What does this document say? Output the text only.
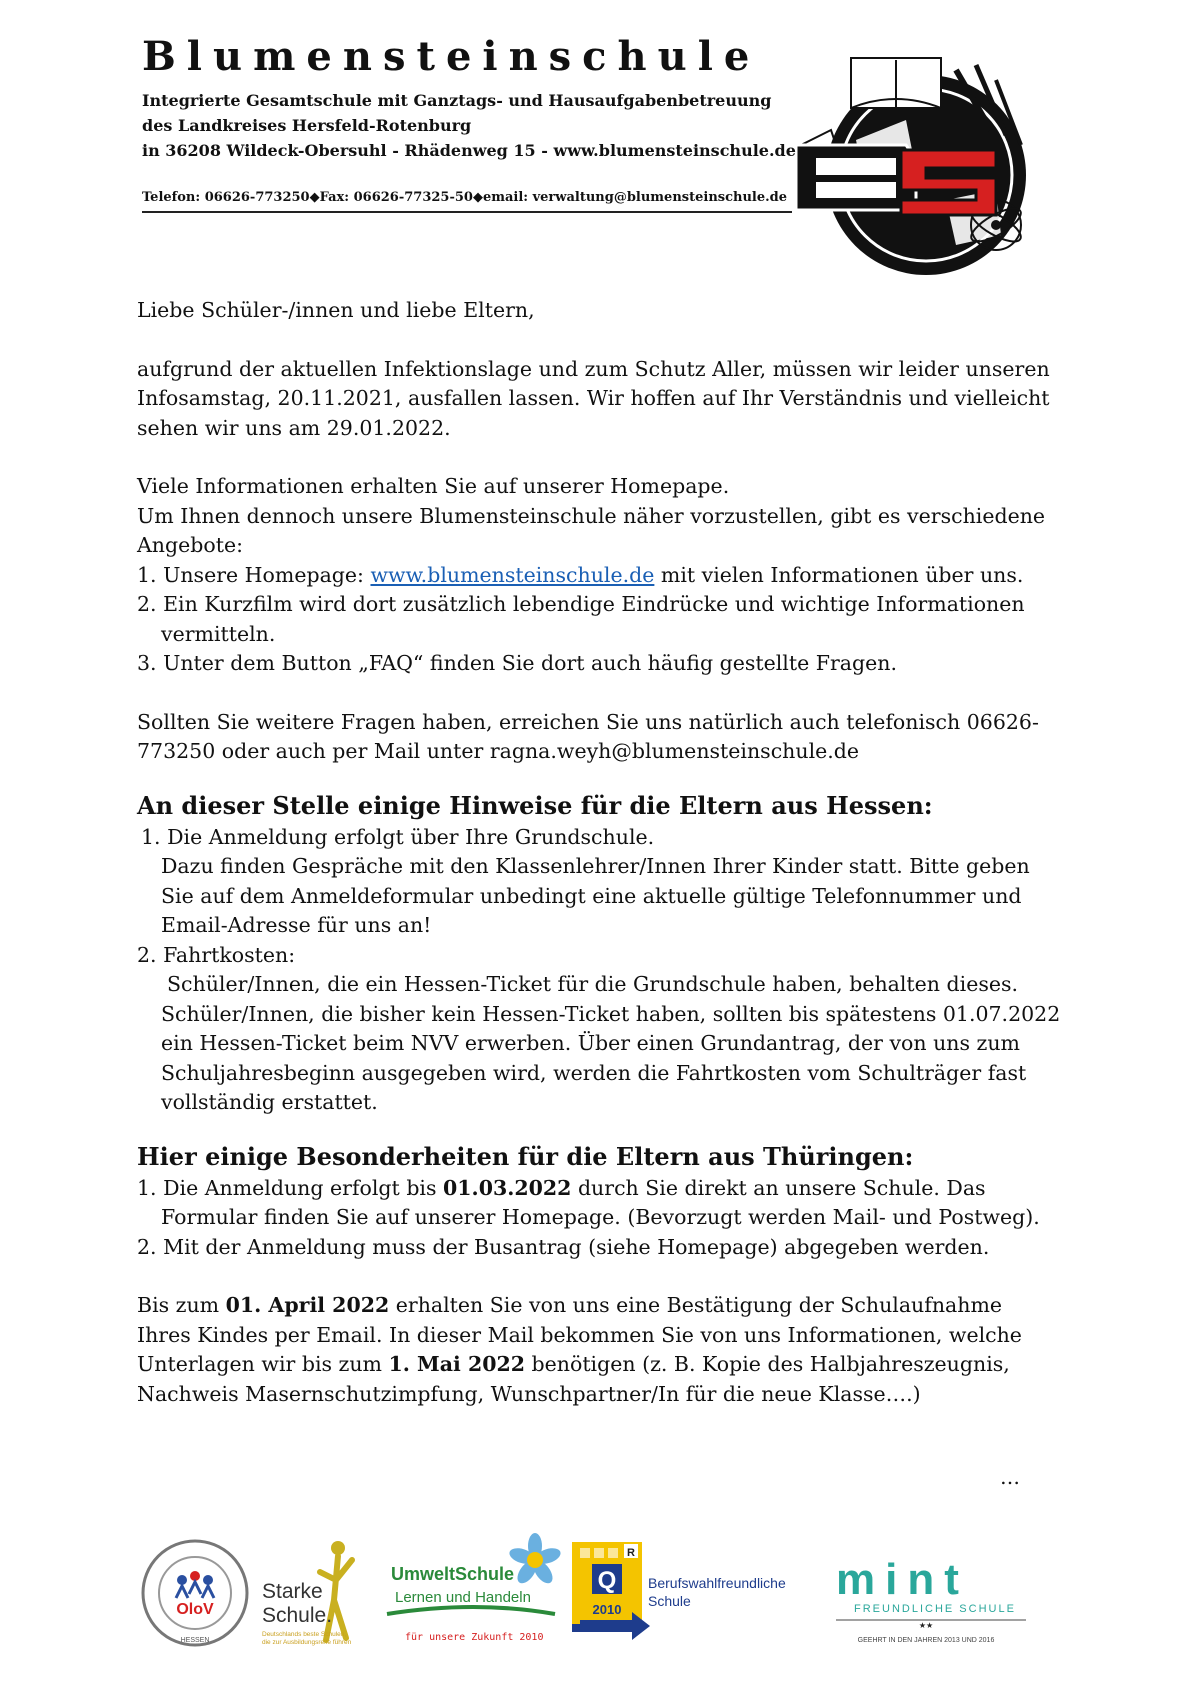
Blumensteinschule
Integrierte Gesamtschule mit Ganztags- und Hausaufgabenbetreuung
des Landkreises Hersfeld-Rotenburg
in 36208 Wildeck-Obersuhl - Rhädenweg 15 - www.blumensteinschule.de
Telefon: 06626-773250◆Fax: 06626-77325-50◆email: verwaltung@blumensteinschule.de

Liebe Schüler-/innen und liebe Eltern,

aufgrund der aktuellen Infektionslage und zum Schutz Aller, müssen wir leider unseren Infosamstag, 20.11.2021, ausfallen lassen. Wir hoffen auf Ihr Verständnis und vielleicht sehen wir uns am 29.01.2022.

Viele Informationen erhalten Sie auf unserer Homepape.

Um Ihnen dennoch unsere Blumensteinschule näher vorzustellen, gibt es verschiedene Angebote:

1. Unsere Homepage: www.blumensteinschule.de mit vielen Informationen über uns.

2. Ein Kurzfilm wird dort zusätzlich lebendige Eindrücke und wichtige Informationen vermitteln.

3. Unter dem Button „FAQ“ finden Sie dort auch häufig gestellte Fragen.

Sollten Sie weitere Fragen haben, erreichen Sie uns natürlich auch telefonisch 06626-773250 oder auch per Mail unter ragna.weyh@blumensteinschule.de

An dieser Stelle einige Hinweise für die Eltern aus Hessen:

1. Die Anmeldung erfolgt über Ihre Grundschule.

Dazu finden Gespräche mit den Klassenlehrer/Innen Ihrer Kinder statt. Bitte geben Sie auf dem Anmeldeformular unbedingt eine aktuelle gültige Telefonnummer und Email-Adresse für uns an!

2. Fahrtkosten:

Schüler/Innen, die ein Hessen-Ticket für die Grundschule haben, behalten dieses. Schüler/Innen, die bisher kein Hessen-Ticket haben, sollten bis spätestens 01.07.2022 ein Hessen-Ticket beim NVV erwerben. Über einen Grundantrag, der von uns zum Schuljahresbeginn ausgegeben wird, werden die Fahrtkosten vom Schulträger fast vollständig erstattet.

Hier einige Besonderheiten für die Eltern aus Thüringen:

1. Die Anmeldung erfolgt bis 01.03.2022 durch Sie direkt an unsere Schule. Das Formular finden Sie auf unserer Homepage. (Bevorzugt werden Mail- und Postweg).

2. Mit der Anmeldung muss der Busantrag (siehe Homepage) abgegeben werden.

Bis zum 01. April 2022 erhalten Sie von uns eine Bestätigung der Schulaufnahme Ihres Kindes per Email. In dieser Mail bekommen Sie von uns Informationen, welche Unterlagen wir bis zum 1. Mai 2022 benötigen (z. B. Kopie des Halbjahreszeugnis, Nachweis Masernschutzimpfung, Wunschpartner/In für die neue Klasse….)

…
OloV
HESSEN
Starke
Schule.
Deutschlands beste Schulen,
die zur Ausbildungsreife führen
UmweltSchule
Lernen und Handeln
für unsere Zukunft 2010
R
Q
2010
Berufswahlfreundliche
Schule	mint
FREUNDLICHE SCHULE
★★
GEEHRT IN DEN JAHREN 2013 UND 2016
